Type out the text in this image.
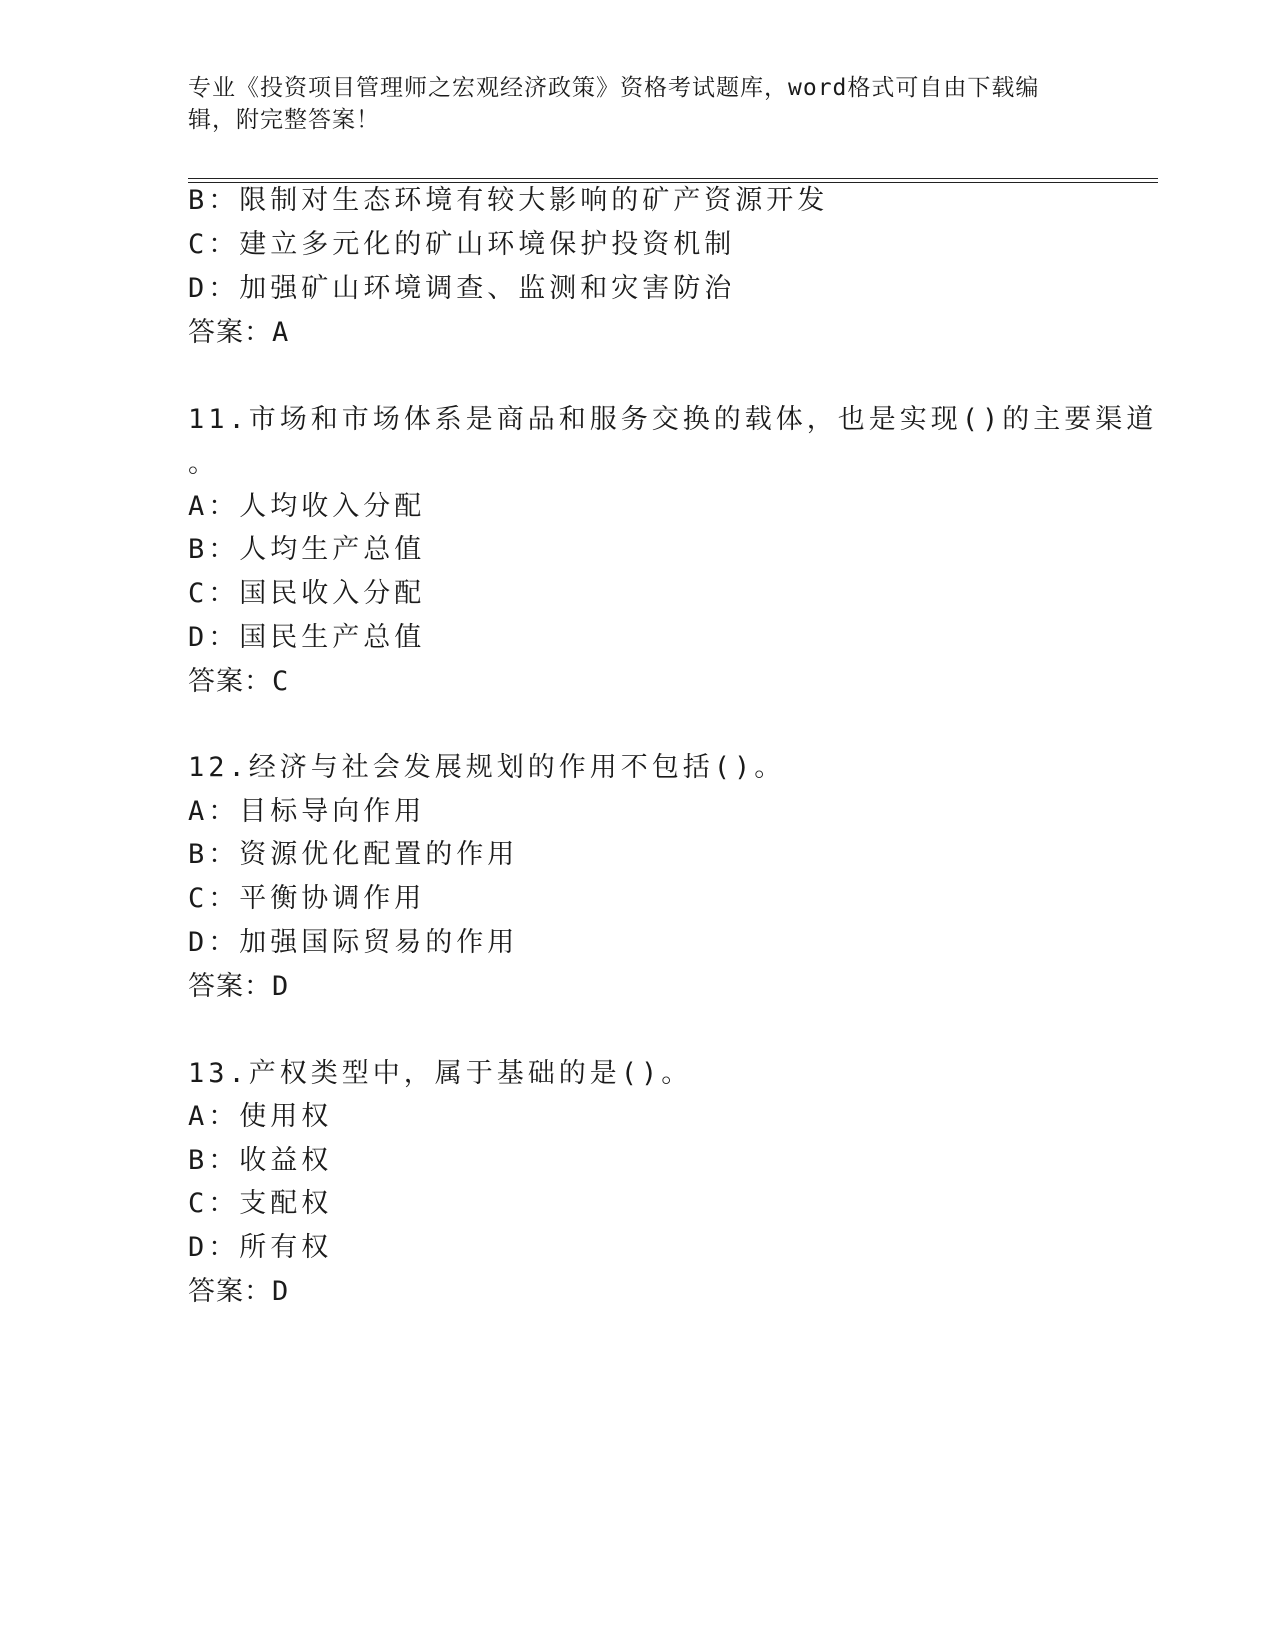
专业《投资项目管理师之宏观经济政策》资格考试题库，word格式可自由下载编辑，附完整答案！
B：限制对生态环境有较大影响的矿产资源开发
C：建立多元化的矿山环境保护投资机制
D：加强矿山环境调查、监测和灾害防治
答案：A
11.市场和市场体系是商品和服务交换的载体，也是实现()的主要渠道
。
A：人均收入分配
B：人均生产总值
C：国民收入分配
D：国民生产总值
答案：C
12.经济与社会发展规划的作用不包括()。
A：目标导向作用
B：资源优化配置的作用
C：平衡协调作用
D：加强国际贸易的作用
答案：D
13.产权类型中，属于基础的是()。
A：使用权
B：收益权
C：支配权
D：所有权
答案：D
